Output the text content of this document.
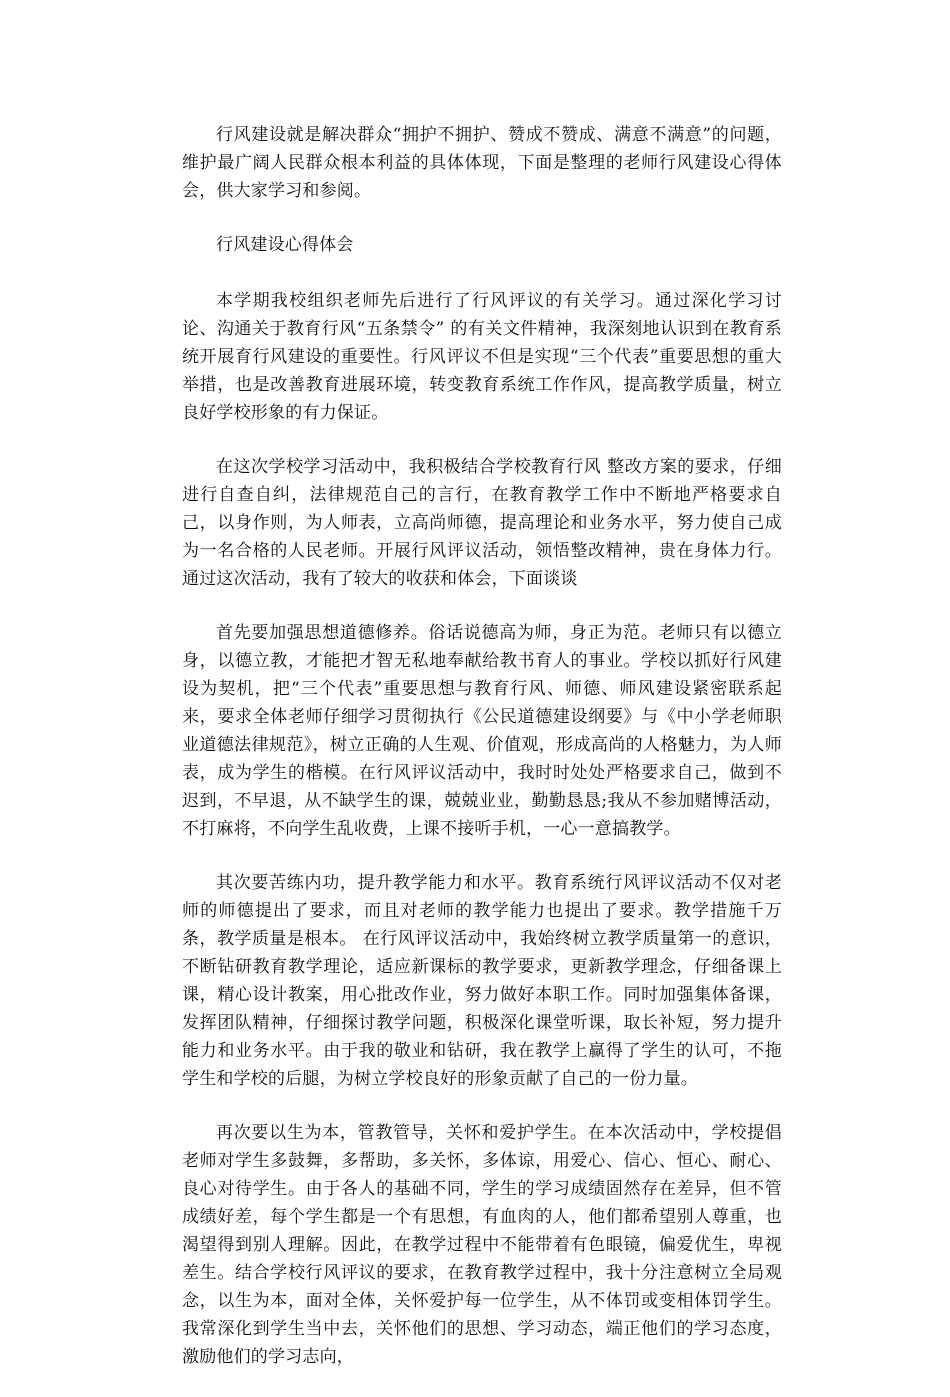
行风建设就是解决群众“拥护不拥护、赞成不赞成、满意不满意”的问题，维护最广阔人民群众根本利益的具体体现，下面是整理的老师行风建设心得体会，供大家学习和参阅。

行风建设心得体会

本学期我校组织老师先后进行了行风评议的有关学习。通过深化学习讨论、沟通关于教育行风“五条禁令” 的有关文件精神，我深刻地认识到在教育系统开展育行风建设的重要性。行风评议不但是实现“三个代表”重要思想的重大举措，也是改善教育进展环境，转变教育系统工作作风，提高教学质量，树立良好学校形象的有力保证。

在这次学校学习活动中，我积极结合学校教育行风 整改方案的要求，仔细进行自查自纠，法律规范自己的言行，在教育教学工作中不断地严格要求自己，以身作则，为人师表，立高尚师德，提高理论和业务水平，努力使自己成为一名合格的人民老师。开展行风评议活动，领悟整改精神，贵在身体力行。通过这次活动，我有了较大的收获和体会，下面谈谈

首先要加强思想道德修养。俗话说德高为师，身正为范。老师只有以德立身，以德立教，才能把才智无私地奉献给教书育人的事业。学校以抓好行风建设为契机，把“三个代表”重要思想与教育行风、师德、师风建设紧密联系起来，要求全体老师仔细学习贯彻执行《公民道德建设纲要》与《中小学老师职业道德法律规范》，树立正确的人生观、价值观，形成高尚的人格魅力，为人师表，成为学生的楷模。在行风评议活动中，我时时处处严格要求自己，做到不迟到，不早退，从不缺学生的课，兢兢业业，勤勤恳恳;我从不参加赌博活动，不打麻将，不向学生乱收费，上课不接听手机，一心一意搞教学。

其次要苦练内功，提升教学能力和水平。教育系统行风评议活动不仅对老师的师德提出了要求，而且对老师的教学能力也提出了要求。教学措施千万条，教学质量是根本。 在行风评议活动中，我始终树立教学质量第一的意识，不断钻研教育教学理论，适应新课标的教学要求，更新教学理念，仔细备课上课，精心设计教案，用心批改作业，努力做好本职工作。同时加强集体备课，发挥团队精神，仔细探讨教学问题，积极深化课堂听课，取长补短，努力提升能力和业务水平。由于我的敬业和钻研，我在教学上赢得了学生的认可，不拖学生和学校的后腿，为树立学校良好的形象贡献了自己的一份力量。

再次要以生为本，管教管导，关怀和爱护学生。在本次活动中，学校提倡老师对学生多鼓舞，多帮助，多关怀，多体谅，用爱心、信心、恒心、耐心、良心对待学生。由于各人的基础不同，学生的学习成绩固然存在差异，但不管成绩好差，每个学生都是一个有思想，有血肉的人，他们都希望别人尊重，也渴望得到别人理解。因此，在教学过程中不能带着有色眼镜，偏爱优生，卑视差生。结合学校行风评议的要求，在教育教学过程中，我十分注意树立全局观念，以生为本，面对全体，关怀爱护每一位学生，从不体罚或变相体罚学生。我常深化到学生当中去，关怀他们的思想、学习动态，端正他们的学习态度，激励他们的学习志向，
